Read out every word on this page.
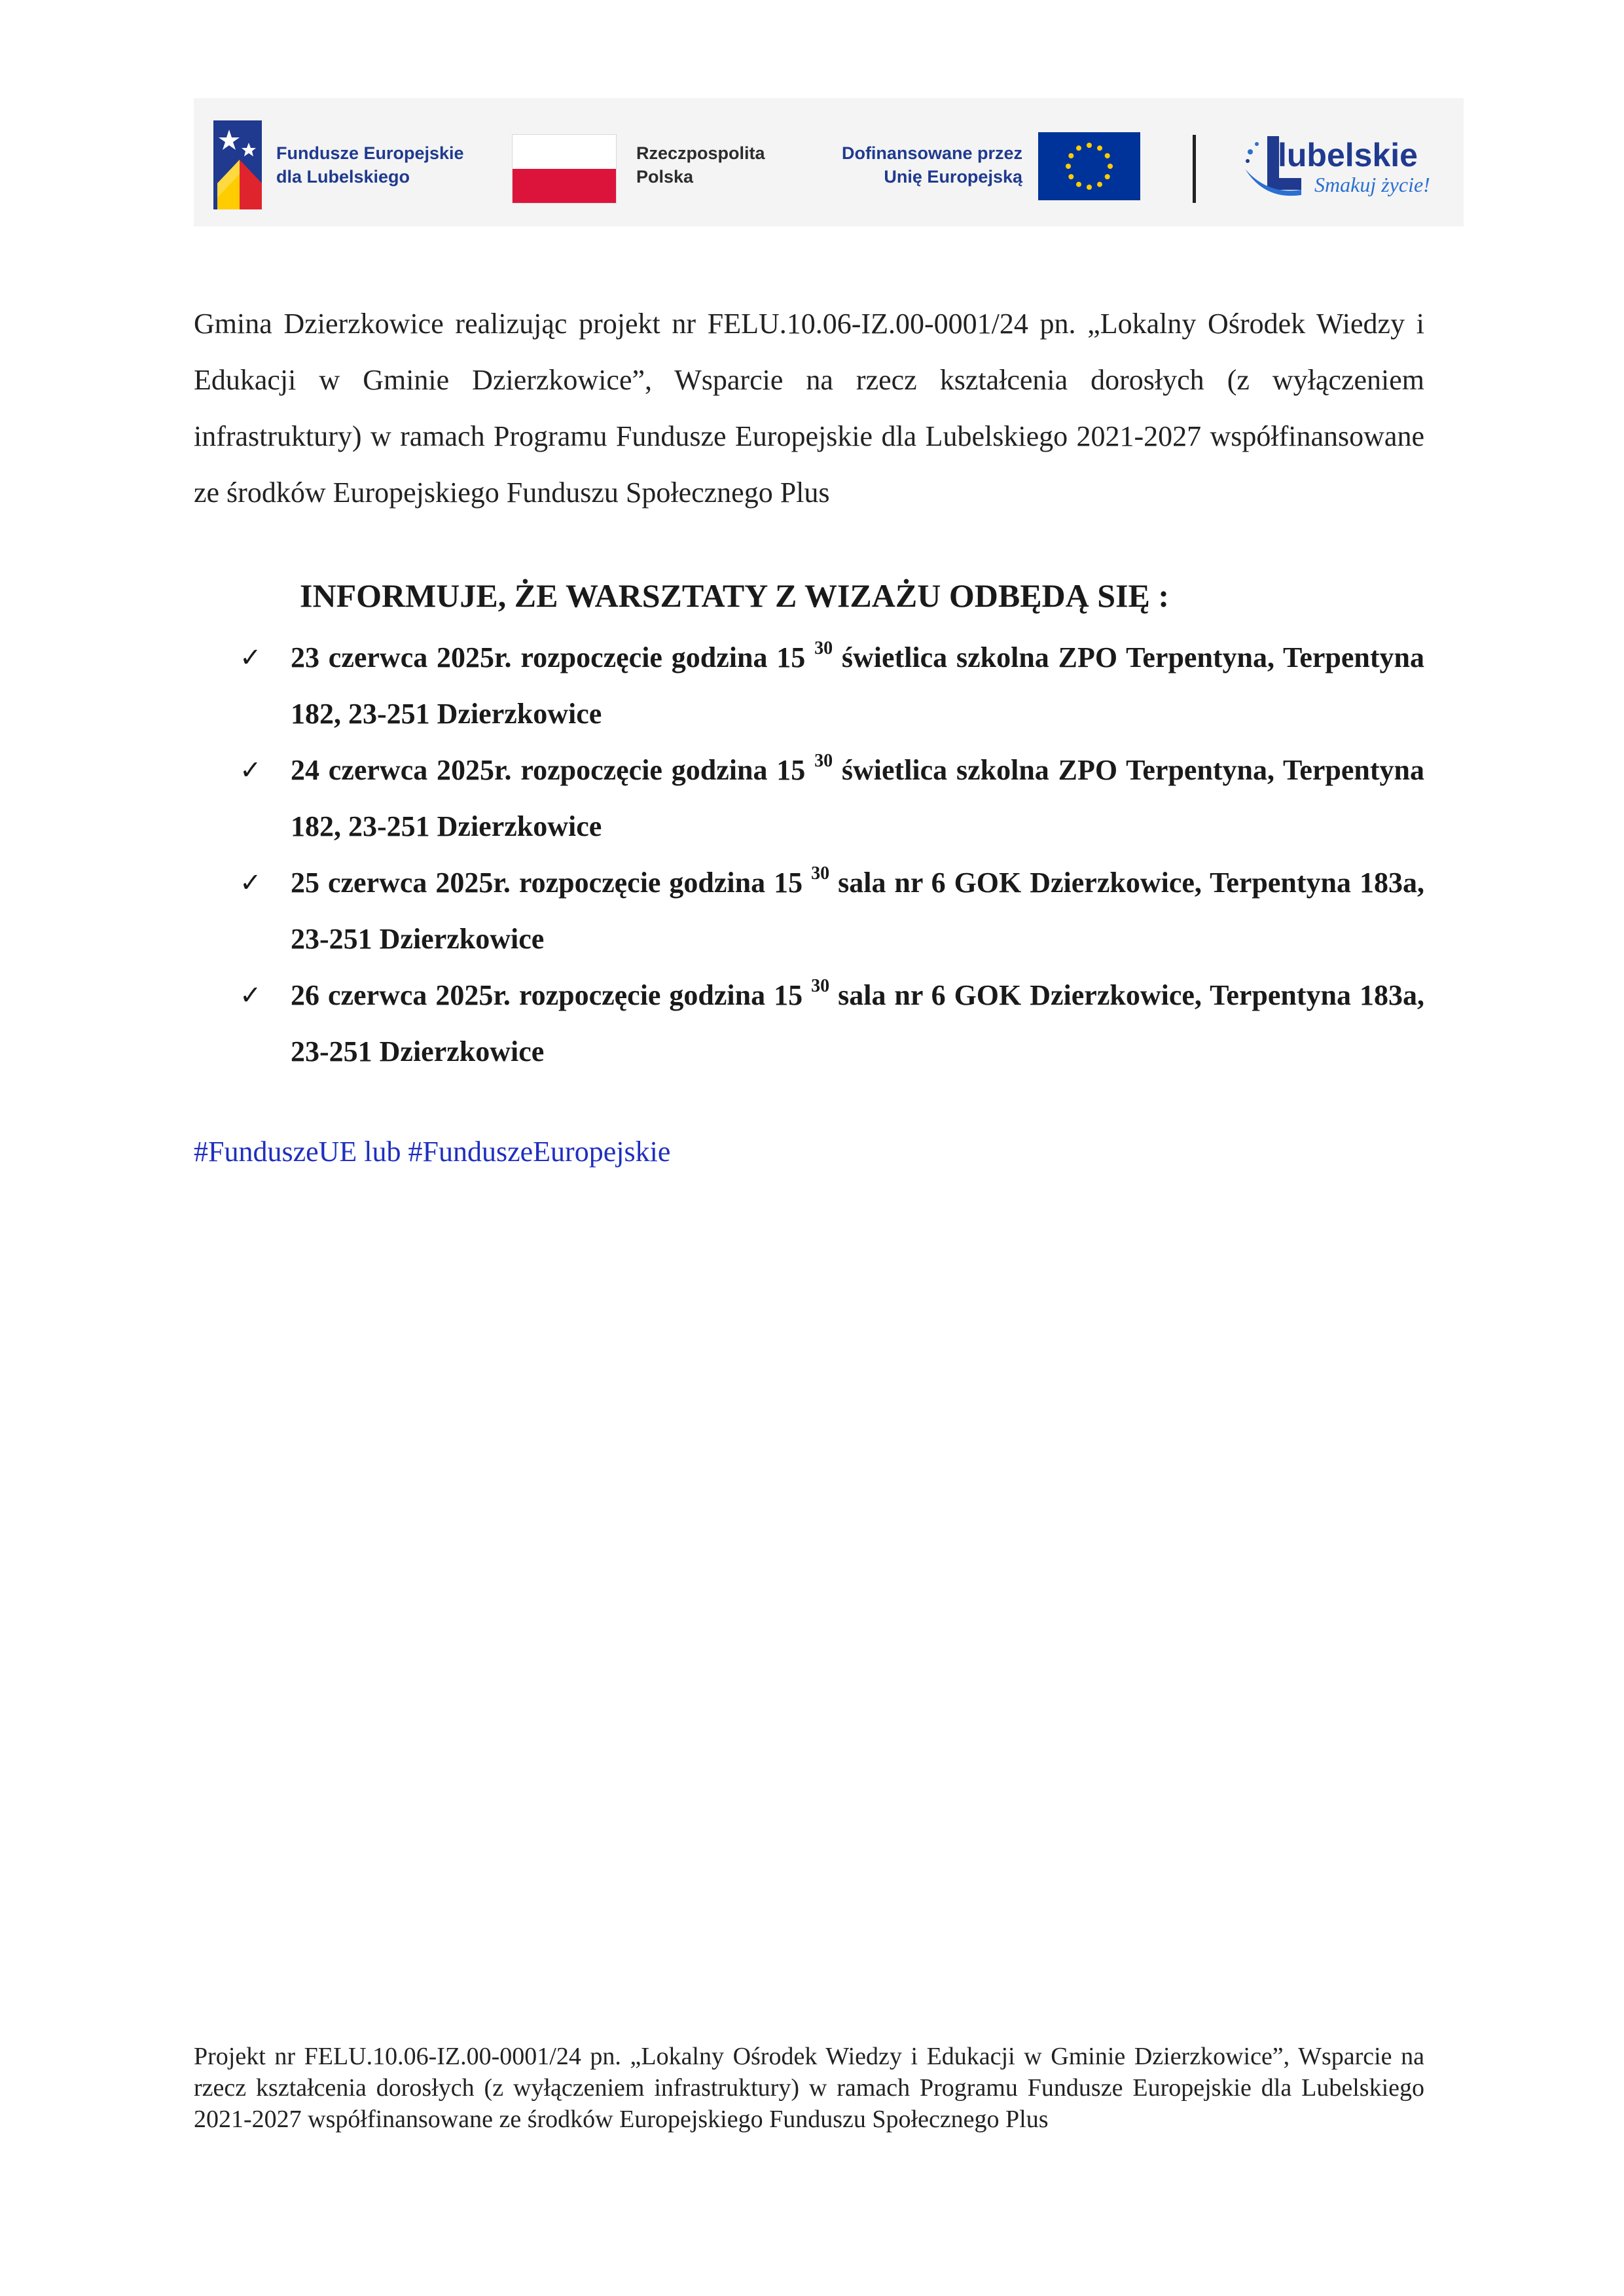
Fundusze Europejskie
dla Lubelskiego
Rzeczpospolita
Polska
Dofinansowane przez
Unię Europejską
lubelskie
Smakuj życie!

Gmina Dzierzkowice realizując projekt nr FELU.10.06-IZ.00-0001/24 pn. „Lokalny Ośrodek Wiedzy i Edukacji w Gminie Dzierzkowice”, Wsparcie na rzecz kształcenia dorosłych (z wyłączeniem infrastruktury) w ramach Programu Fundusze Europejskie dla Lubelskiego 2021-2027 współfinansowane ze środków Europejskiego Funduszu Społecznego Plus

INFORMUJE, ŻE WARSZTATY Z WIZAŻU ODBĘDĄ SIĘ :
✓ 23 czerwca 2025r. rozpoczęcie godzina 15 $^{30}$ świetlica szkolna ZPO Terpentyna, Terpentyna 182, 23-251 Dzierzkowice
✓ 24 czerwca 2025r. rozpoczęcie godzina 15 $^{30}$ świetlica szkolna ZPO Terpentyna, Terpentyna 182, 23-251 Dzierzkowice
✓ 25 czerwca 2025r. rozpoczęcie godzina 15 $^{30}$ sala nr 6 GOK Dzierzkowice, Terpentyna 183a, 23-251 Dzierzkowice
✓ 26 czerwca 2025r. rozpoczęcie godzina 15 $^{30}$ sala nr 6 GOK Dzierzkowice, Terpentyna 183a, 23-251 Dzierzkowice
#FunduszeUE lub #FunduszeEuropejskie

Projekt nr FELU.10.06-IZ.00-0001/24 pn. „Lokalny Ośrodek Wiedzy i Edukacji w Gminie Dzierzkowice”, Wsparcie na rzecz kształcenia dorosłych (z wyłączeniem infrastruktury) w ramach Programu Fundusze Europejskie dla Lubelskiego 2021-2027 współfinansowane ze środków Europejskiego Funduszu Społecznego Plus
